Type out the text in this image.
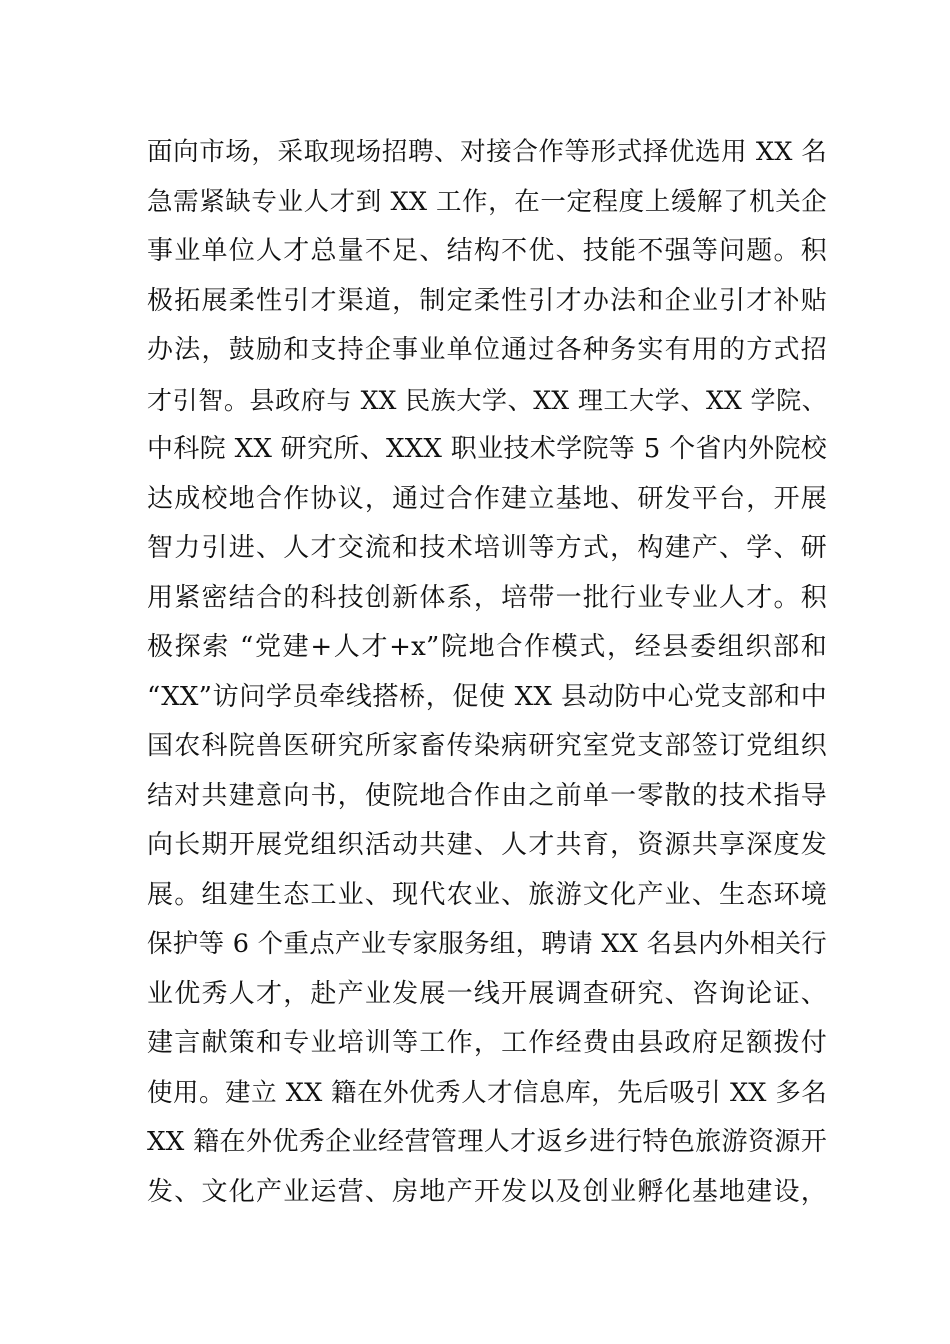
面向市场，采取现场招聘、对接合作等形式择优选用 XX 名
急需紧缺专业人才到 XX 工作，在一定程度上缓解了机关企
事业单位人才总量不足、结构不优、技能不强等问题。积
极拓展柔性引才渠道，制定柔性引才办法和企业引才补贴
办法，鼓励和支持企事业单位通过各种务实有用的方式招
才引智。县政府与 XX 民族大学、XX 理工大学、XX 学院、
中科院 XX 研究所、XXX 职业技术学院等 5 个省内外院校
达成校地合作协议，通过合作建立基地、研发平台，开展
智力引进、人才交流和技术培训等方式，构建产、学、研
用紧密结合的科技创新体系，培带一批行业专业人才。积
极探索 “党建+人才+x”院地合作模式，经县委组织部和
“XX”访问学员牵线搭桥，促使 XX 县动防中心党支部和中
国农科院兽医研究所家畜传染病研究室党支部签订党组织
结对共建意向书，使院地合作由之前单一零散的技术指导
向长期开展党组织活动共建、人才共育，资源共享深度发
展。组建生态工业、现代农业、旅游文化产业、生态环境
保护等 6 个重点产业专家服务组，聘请 XX 名县内外相关行
业优秀人才，赴产业发展一线开展调查研究、咨询论证、
建言献策和专业培训等工作，工作经费由县政府足额拨付
使用。建立 XX 籍在外优秀人才信息库，先后吸引 XX 多名
XX 籍在外优秀企业经营管理人才返乡进行特色旅游资源开
发、文化产业运营、房地产开发以及创业孵化基地建设，
